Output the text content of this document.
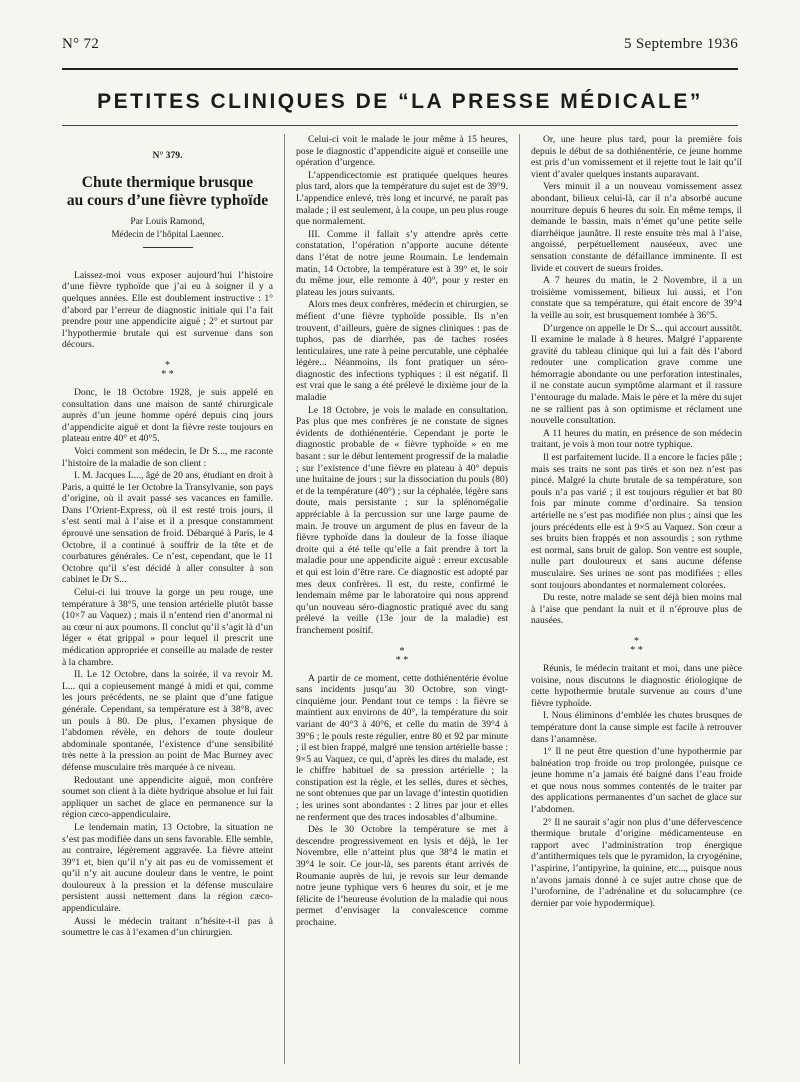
N° 72	5 Septembre 1936
PETITES CLINIQUES DE “LA PRESSE MÉDICALE”
N° 379.
Chute thermique brusque
au cours d’une fièvre typhoïde
Par Louis Ramond,
Médecin de l’hôpital Laennec.

Laissez-moi vous exposer aujourd’hui l’histoire d’une fièvre typhoïde que j’ai eu à soigner il y a quelques années. Elle est doublement instructive : 1° d’abord par l’erreur de diagnostic initiale qui l’a fait prendre pour une appendicite aiguë ; 2° et surtout par l’hypothermie brutale qui est survenue dans son décours.

*
* *

Donc, le 18 Octobre 1928, je suis appelé en consultation dans une maison de santé chirurgicale auprès d’un jeune homme opéré depuis cinq jours d’appendicite aiguë et dont la fièvre reste toujours en plateau entre 40° et 40°5.

Voici comment son médecin, le Dr S..., me raconte l’histoire de la maladie de son client :

I. M. Jacques L..., âgé de 20 ans, étudiant en droit à Paris, a quitté le 1er Octobre la Transylvanie, son pays d’origine, où il avait passé ses vacances en famille. Dans l’Orient-Express, où il est resté trois jours, il s’est senti mal à l’aise et il a presque constamment éprouvé une sensation de froid. Débarqué à Paris, le 4 Octobre, il a continué à souffrir de la tête et de courbatures générales. Ce n’est, cependant, que le 11 Octobre qu’il s’est décidé à aller consulter à son cabinet le Dr S...

Celui-ci lui trouve la gorge un peu rouge, une température à 38°5, une tension artérielle plutôt basse (10×7 au Vaquez) ; mais il n’entend rien d’anormal ni au cœur ni aux poumons. Il conclut qu’il s’agit là d’un léger « état grippal » pour lequel il prescrit une médication appropriée et conseille au malade de rester à la chambre.

II. Le 12 Octobre, dans la soirée, il va revoir M. L... qui a copieusement mangé à midi et qui, comme les jours précédents, ne se plaint que d’une fatigue générale. Cependant, sa température est à 38°8, avec un pouls à 80. De plus, l’examen physique de l’abdomen révèle, en dehors de toute douleur abdominale spontanée, l’existence d’une sensibilité très nette à la pression au point de Mac Burney avec défense musculaire très marquée à ce niveau.

Redoutant une appendicite aiguë, mon confrère soumet son client à la diète hydrique absolue et lui fait appliquer un sachet de glace en permanence sur la région cæco-appendiculaire.

Le lendemain matin, 13 Octobre, la situation ne s’est pas modifiée dans un sens favorable. Elle semble, au contraire, légèrement aggravée. La fièvre atteint 39°1 et, bien qu’il n’y ait pas eu de vomissement et qu’il n’y ait aucune douleur dans le ventre, le point douloureux à la pression et la défense musculaire persistent aussi nettement dans la région cæco-appendiculaire.

Aussi le médecin traitant n’hésite-t-il pas à soumettre le cas à l’examen d’un chirurgien.

Celui-ci voit le malade le jour même à 15 heures, pose le diagnostic d’appendicite aiguë et conseille une opération d’urgence.

L’appendicectomie est pratiquée quelques heures plus tard, alors que la température du sujet est de 39°9. L’appendice enlevé, très long et incurvé, ne paraît pas malade ; il est seulement, à la coupe, un peu plus rouge que normalement.

III. Comme il fallait s’y attendre après cette constatation, l’opération n’apporte aucune détente dans l’état de notre jeune Roumain. Le lendemain matin, 14 Octobre, la température est à 39° et, le soir du même jour, elle remonte à 40°, pour y rester en plateau les jours suivants.

Alors mes deux confrères, médecin et chirurgien, se méfient d’une fièvre typhoïde possible. Ils n’en trouvent, d’ailleurs, guère de signes cliniques : pas de tuphos, pas de diarrhée, pas de taches rosées lenticulaires, une rate à peine percutable, une céphalée légère... Néanmoins, ils font pratiquer un séro-diagnostic des infections typhiques : il est négatif. Il est vrai que le sang a été prélevé le dixième jour de la maladie

Le 18 Octobre, je vois le malade en consultation. Pas plus que mes confrères je ne constate de signes évidents de dothiénentérie. Cependant je porte le diagnostic probable de « fièvre typhoïde » en me basant : sur le début lentement progressif de la maladie ; sur l’existence d’une fièvre en plateau à 40° depuis une huitaine de jours ; sur la dissociation du pouls (80) et de la température (40°) ; sur la céphalée, légère sans doute, mais persistante ; sur la splénomégalie appréciable à la percussion sur une large paume de main. Je trouve un argument de plus en faveur de la fièvre typhoïde dans la douleur de la fosse iliaque droite qui a été telle qu’elle a fait prendre à tort la maladie pour une appendicite aiguë : erreur excusable et qui est loin d’être rare. Ce diagnostic est adopté par mes deux confrères. Il est, du reste, confirmé le lendemain même par le laboratoire qui nous apprend qu’un nouveau séro-diagnostic pratiqué avec du sang prélevé la veille (13e jour de la maladie) est franchement positif.

*
* *

A partir de ce moment, cette dothiénentérie évolue sans incidents jusqu’au 30 Octobre, son vingt-cinquième jour. Pendant tout ce temps : la fièvre se maintient aux environs de 40°, la température du soir variant de 40°3 à 40°6, et celle du matin de 39°4 à 39°6 ; le pouls reste régulier, entre 80 et 92 par minute ; il est bien frappé, malgré une tension artérielle basse : 9×5 au Vaquez, ce qui, d’après les dires du malade, est le chiffre habituel de sa pression artérielle ; la constipation est la règle, et les selles, dures et sèches, ne sont obtenues que par un lavage d’intestin quotidien ; les urines sont abondantes : 2 litres par jour et elles ne renferment que des traces indosables d’albumine.

Dès le 30 Octobre la température se met à descendre progressivement en lysis et déjà, le 1er Novembre, elle n’atteint plus que 38°4 le matin et 39°4 le soir. Ce jour-là, ses parents étant arrivés de Roumanie auprès de lui, je revois sur leur demande notre jeune typhique vers 6 heures du soir, et je me félicite de l’heureuse évolution de la maladie qui nous permet d’envisager la convalescence comme prochaine.

Or, une heure plus tard, pour la première fois depuis le début de sa dothiénentérie, ce jeune homme est pris d’un vomissement et il rejette tout le lait qu’il vient d’avaler quelques instants auparavant.

Vers minuit il a un nouveau vomissement assez abondant, bilieux celui-là, car il n’a absorbé aucune nourriture depuis 6 heures du soir. En même temps, il demande le bassin, mais n’émet qu’une petite selle diarrhéique jaunâtre. Il reste ensuite très mal à l’aise, angoissé, perpétuellement nauséeux, avec une sensation constante de défaillance imminente. Il est livide et couvert de sueurs froides.

A 7 heures du matin, le 2 Novembre, il a un troisième vomissement, bilieux lui aussi, et l’on constate que sa température, qui était encore de 39°4 la veille au soir, est brusquement tombée à 36°5.

D’urgence on appelle le Dr S... qui accourt aussitôt. Il examine le malade à 8 heures. Malgré l’apparente gravité du tableau clinique qui lui a fait dès l’abord redouter une complication grave comme une hémorragie abondante ou une perforation intestinales, il ne constate aucun symptôme alarmant et il rassure l’entourage du malade. Mais le père et la mère du sujet ne se rallient pas à son optimisme et réclament une nouvelle consultation.

A 11 heures du matin, en présence de son médecin traitant, je vois à mon tour notre typhique.

Il est parfaitement lucide. Il a encore le facies pâle ; mais ses traits ne sont pas tirés et son nez n’est pas pincé. Malgré la chute brutale de sa température, son pouls n’a pas varié ; il est toujours régulier et bat 80 fois par minute comme d’ordinaire. Sa tension artérielle ne s’est pas modifiée non plus ; ainsi que les jours précédents elle est à 9×5 au Vaquez. Son cœur a ses bruits bien frappés et non assourdis ; son rythme est normal, sans bruit de galop. Son ventre est souple, nulle part douloureux et sans aucune défense musculaire. Ses urines ne sont pas modifiées ; elles sont toujours abondantes et normalement colorées.

Du reste, notre malade se sent déjà bien moins mal à l’aise que pendant la nuit et il n’éprouve plus de nausées.

*
* *

Réunis, le médecin traitant et moi, dans une pièce voisine, nous discutons le diagnostic étiologique de cette hypothermie brutale survenue au cours d’une fièvre typhoïde.

I. Nous éliminons d’emblée les chutes brusques de température dont la cause simple est facile à retrouver dans l’anamnèse.

1° Il ne peut être question d’une hypothermie par balnéation trop froide ou trop prolongée, puisque ce jeune homme n’a jamais été baigné dans l’eau froide et que nous nous sommes contentés de le traiter par des applications permanentes d’un sachet de glace sur l’abdomen.

2° Il ne saurait s’agir non plus d’une défervescence thermique brutale d’origine médicamenteuse en rapport avec l’administration trop énergique d’antithermiques tels que le pyramidon, la cryogénine, l’aspirine, l’antipyrine, la quinine, etc..., puisque nous n’avons jamais donné à ce sujet autre chose que de l’urofornine, de l’adrénaline et du solucamphre (ce dernier par voie hypodermique).
